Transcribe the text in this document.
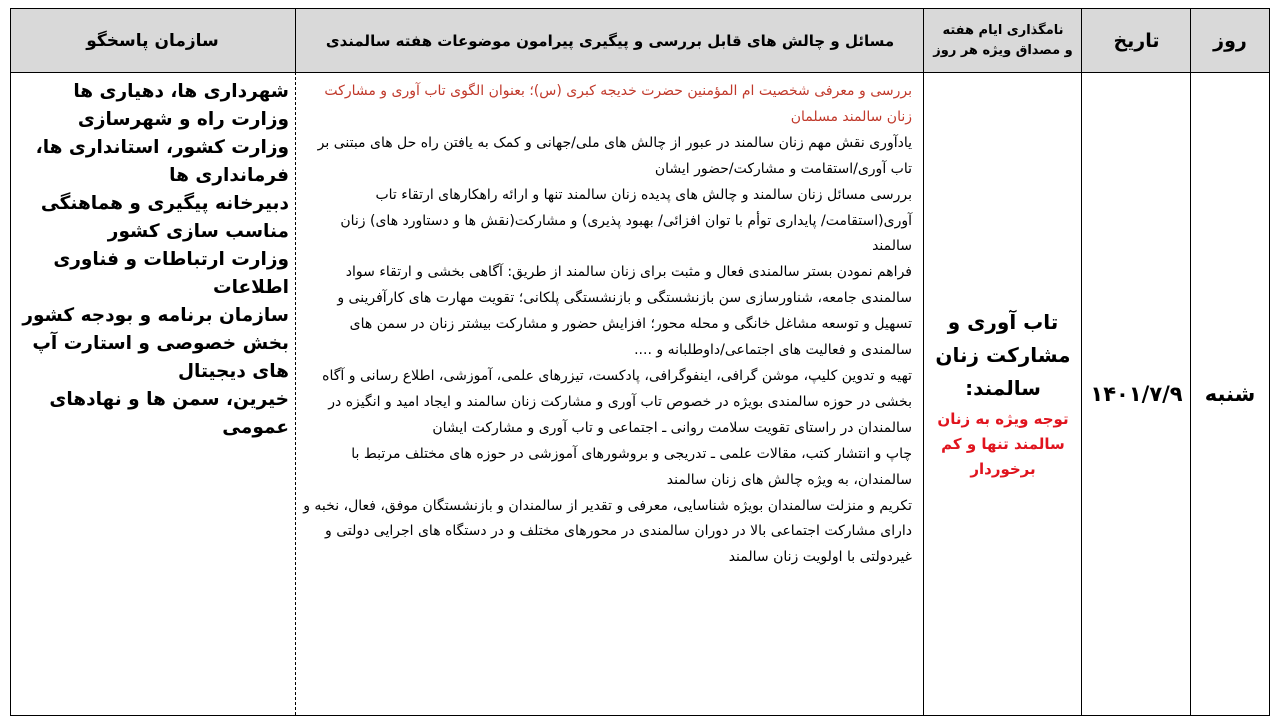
روز
تاریخ
نامگذاری ایام هفته
و مصداق ویژه هر روز
مسائل و چالش های قابل بررسی و پیگیری پیرامون موضوعات هفته سالمندی
سازمان پاسخگو
شنبه
۱۴۰۱/۷/۹
تاب آوری و مشارکت زنان سالمند:
توجه ویژه به زنان سالمند تنها و کم برخوردار

بررسی و معرفی شخصیت ام المؤمنین حضرت خدیجه کبری (س)؛ بعنوان الگوی تاب آوری و مشارکت زنان سالمند مسلمان

یادآوری نقش مهم زنان سالمند در عبور از چالش های ملی/جهانی و کمک به یافتن راه حل های مبتنی بر تاب آوری/استقامت و مشارکت/حضور ایشان

بررسی مسائل زنان سالمند و چالش های پدیده زنان سالمند تنها و ارائه راهکارهای ارتقاء تاب آوری(استقامت/ پایداری توأم با توان افزائی/ بهبود پذیری) و مشارکت(نقش ها و دستاورد های) زنان سالمند

فراهم نمودن بستر سالمندی فعال و مثبت برای زنان سالمند از طریق: آگاهی بخشی و ارتقاء سواد سالمندی جامعه، شناورسازی سن بازنشستگی و بازنشستگی پلکانی؛ تقویت مهارت های کارآفرینی و تسهیل و توسعه مشاغل خانگی و محله محور؛ افزایش حضور و مشارکت بیشتر زنان در سمن های سالمندی و فعالیت های اجتماعی/داوطلبانه و ....

تهیه و تدوین کلیپ، موشن گرافی، اینفوگرافی، پادکست، تیزرهای علمی، آموزشی، اطلاع رسانی و آگاه بخشی در حوزه سالمندی بویژه در خصوص تاب آوری و مشارکت زنان سالمند و ایجاد امید و انگیزه در سالمندان در راستای تقویت سلامت روانی ـ اجتماعی و تاب آوری و مشارکت ایشان

چاپ و انتشار کتب، مقالات علمی ـ تدریجی و بروشورهای آموزشی در حوزه های مختلف مرتبط با سالمندان، به ویژه چالش های زنان سالمند

تکریم و منزلت سالمندان بویژه شناسایی، معرفی و تقدیر از سالمندان و بازنشستگان موفق، فعال، نخبه و دارای مشارکت اجتماعی بالا در دوران سالمندی در محورهای مختلف و در دستگاه های اجرایی دولتی و غیردولتی با اولویت زنان سالمند

شهرداری ها، دهیاری ها

وزارت راه و شهرسازی

وزارت کشور، استانداری ها، فرمانداری ها

دبیرخانه پیگیری و هماهنگی مناسب سازی کشور

وزارت ارتباطات و فناوری اطلاعات

سازمان برنامه و بودجه کشور

بخش خصوصی و استارت آپ های دیجیتال

خیرین، سمن ها و نهادهای عمومی
